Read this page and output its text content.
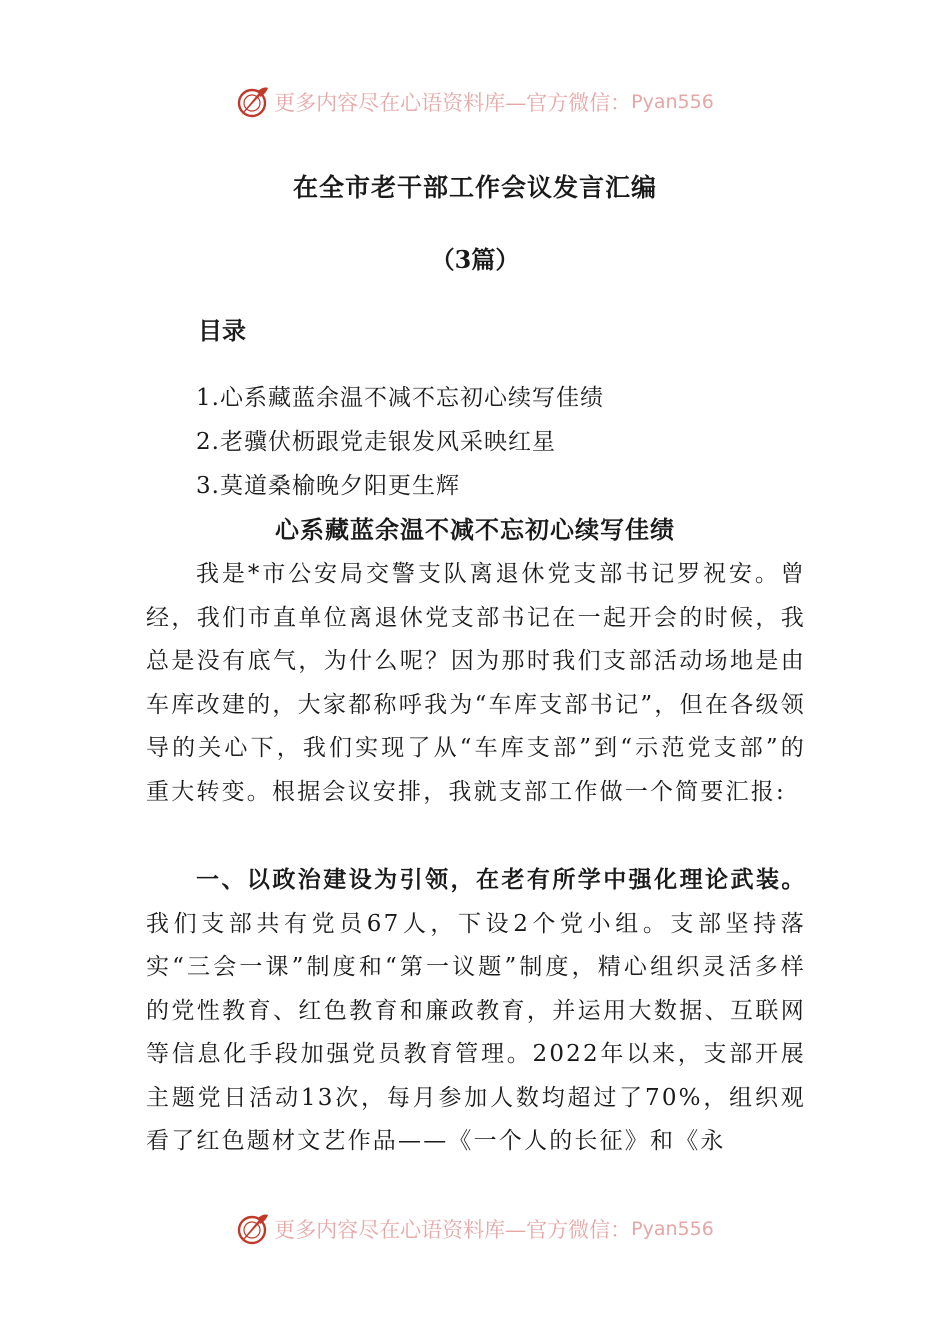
更多内容尽在心语资料库—官方微信： Pyan556
在全市老干部工作会议发言汇编
（3篇）
目录
1.心系藏蓝余温不减不忘初心续写佳绩
2.老骥伏枥跟党走银发风采映红星
3.莫道桑榆晚夕阳更生辉
心系藏蓝余温不减不忘初心续写佳绩

我是*市公安局交警支队离退休党支部书记罗祝安。曾经，我们市直单位离退休党支部书记在一起开会的时候，我总是没有底气，为什么呢？因为那时我们支部活动场地是由车库改建的，大家都称呼我为“车库支部书记”，但在各级领导的关心下，我们实现了从“车库支部”到“示范党支部”的重大转变。根据会议安排，我就支部工作做一个简要汇报:

一、以政治建设为引领，在老有所学中强化理论武装。我们支部共有党员67人，下设2个党小组。支部坚持落实“三会一课”制度和“第一议题”制度，精心组织灵活多样的党性教育、红色教育和廉政教育，并运用大数据、互联网等信息化手段加强党员教育管理。2022年以来，支部开展主题党日活动13次，每月参加人数均超过了70%，组织观看了红色题材文艺作品——《一个人的长征》和《永

更多内容尽在心语资料库—官方微信： Pyan556
